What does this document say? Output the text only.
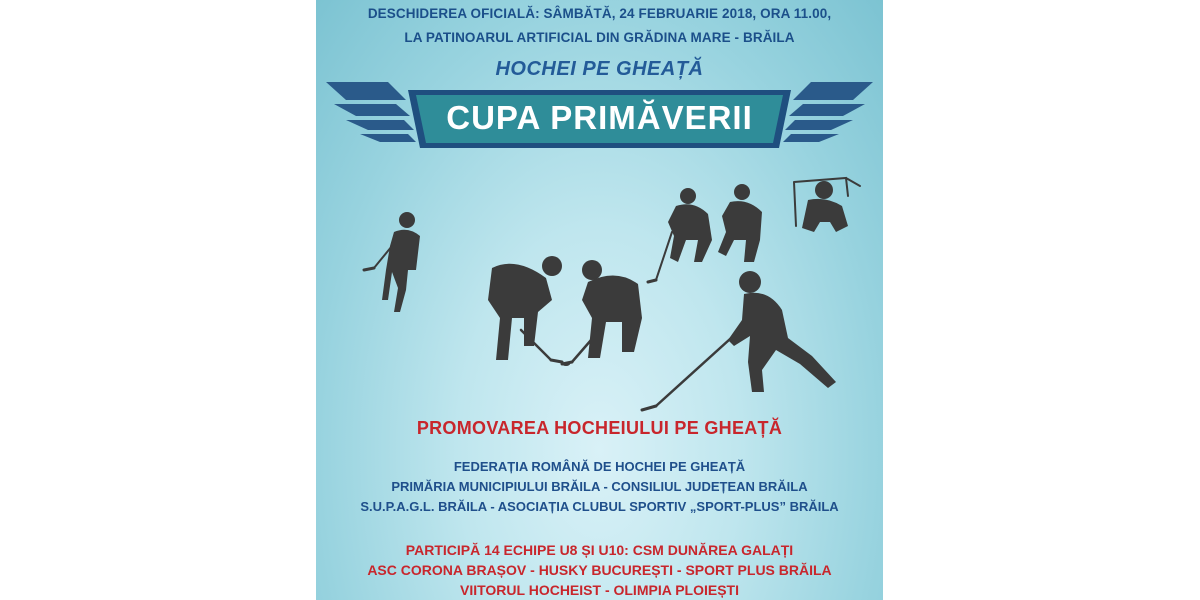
DESCHIDEREA OFICIALĂ: SÂMBĂTĂ, 24 FEBRUARIE 2018, ORA 11.00,
LA PATINOARUL ARTIFICIAL DIN GRĂDINA MARE - BRĂILA
HOCHEI PE GHEAȚĂ
CUPA PRIMĂVERII
PROMOVAREA HOCHEIULUI PE GHEAȚĂ
FEDERAȚIA ROMÂNĂ DE HOCHEI PE GHEAȚĂ
PRIMĂRIA MUNICIPIULUI BRĂILA - CONSILIUL JUDEȚEAN BRĂILA
S.U.P.A.G.L. BRĂILA - ASOCIAȚIA CLUBUL SPORTIV „SPORT-PLUS” BRĂILA
PARTICIPĂ 14 ECHIPE U8 ȘI U10: CSM DUNĂREA GALAȚI
ASC CORONA BRAȘOV - HUSKY BUCUREȘTI - SPORT PLUS BRĂILA
VIITORUL HOCHEIST - OLIMPIA PLOIEȘTI
